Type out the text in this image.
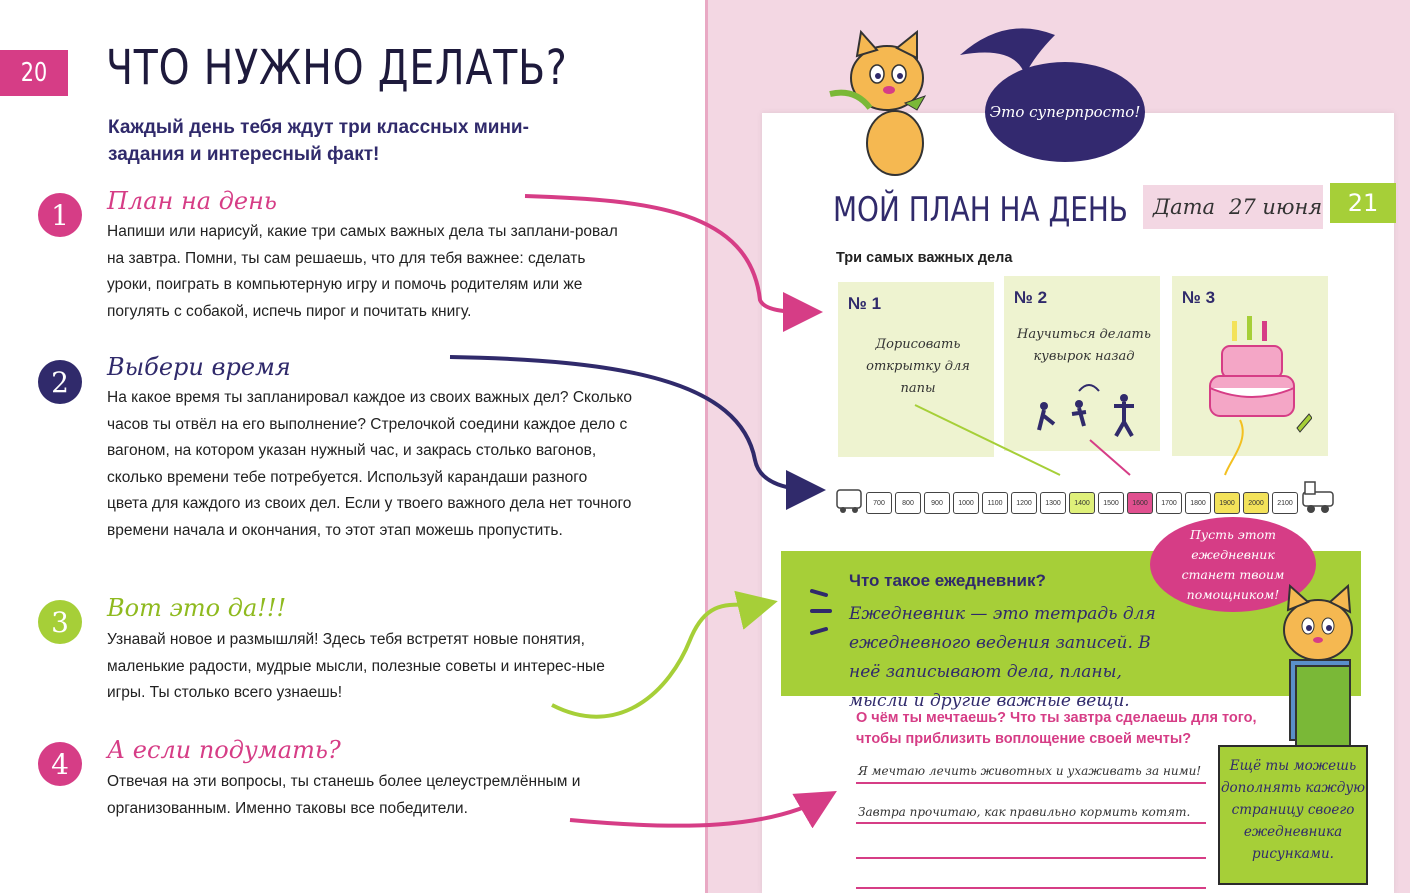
20	ЧТО НУЖНО ДЕЛАТЬ?
Каждый день тебя ждут три классных мини-задания и интересный факт!
1	План на день
Напиши или нарисуй, какие три самых важных дела ты заплани-ровал на завтра. Помни, ты сам решаешь, что для тебя важнее: сделать уроки, поиграть в компьютерную игру и помочь родителям или же погулять с собакой, испечь пирог и почитать книгу.
2	Выбери время
На какое время ты запланировал каждое из своих важных дел? Сколько часов ты отвёл на его выполнение? Стрелочкой соедини каждое дело с вагоном, на котором указан нужный час, и закрась столько вагонов, сколько времени тебе потребуется. Используй карандаши разного цвета для каждого из своих дел. Если у твоего важного дела нет точного времени начала и окончания, то этот этап можешь пропустить.
3	Вот это да!!!
Узнавай новое и размышляй! Здесь тебя встретят новые понятия, маленькие радости, мудрые мысли, полезные советы и интерес-ные игры. Ты столько всего узнаешь!
4	А если подумать?
Отвечая на эти вопросы, ты станешь более целеустремлённым и организованным. Именно таковы все победители.
Это суперпросто!
МОЙ ПЛАН НА ДЕНЬ Дата 27 июня	21
Три самых важных дела
№ 1
Дорисовать открытку для папы
№ 2
Научиться делать кувырок назад
№ 3
700	800	900	1000	1100	1200	1300	1400	1500	1600	1700	1800	1900	2000	2100
Что такое ежедневник?
Ежедневник — это тетрадь для ежедневного ведения записей. В неё записывают дела, планы, мысли и другие важные вещи.
Пусть этот ежедневник станет твоим помощником!
О чём ты мечтаешь? Что ты завтра сделаешь для того, чтобы приблизить воплощение своей мечты?
Я мечтаю лечить животных и ухаживать за ними!
Завтра прочитаю, как правильно кормить котят.
Ещё ты можешь дополнять каждую страницу своего ежедневника рисунками.
